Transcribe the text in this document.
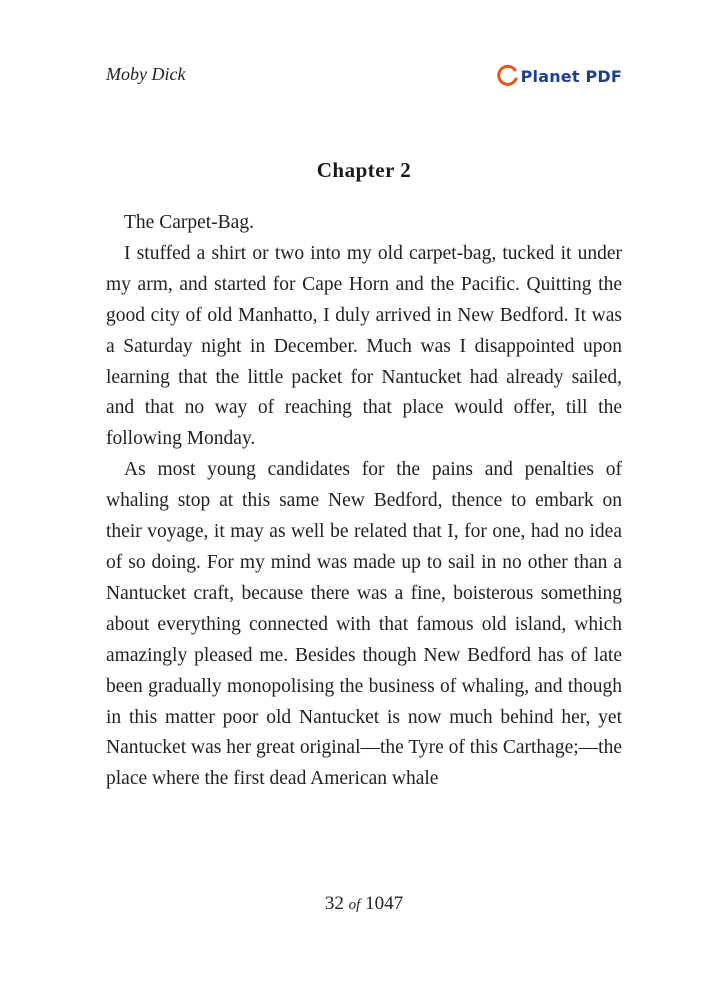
Moby Dick	Planet PDF
Chapter 2

The Carpet-Bag.

I stuffed a shirt or two into my old carpet-bag, tucked it under my arm, and started for Cape Horn and the Pacific. Quitting the good city of old Manhatto, I duly arrived in New Bedford. It was a Saturday night in December. Much was I disappointed upon learning that the little packet for Nantucket had already sailed, and that no way of reaching that place would offer, till the following Monday.

As most young candidates for the pains and penalties of whaling stop at this same New Bedford, thence to embark on their voyage, it may as well be related that I, for one, had no idea of so doing. For my mind was made up to sail in no other than a Nantucket craft, because there was a fine, boisterous something about everything connected with that famous old island, which amazingly pleased me. Besides though New Bedford has of late been gradually monopolising the business of whaling, and though in this matter poor old Nantucket is now much behind her, yet Nantucket was her great original—the Tyre of this Carthage;—the place where the first dead American whale

32 of 1047
